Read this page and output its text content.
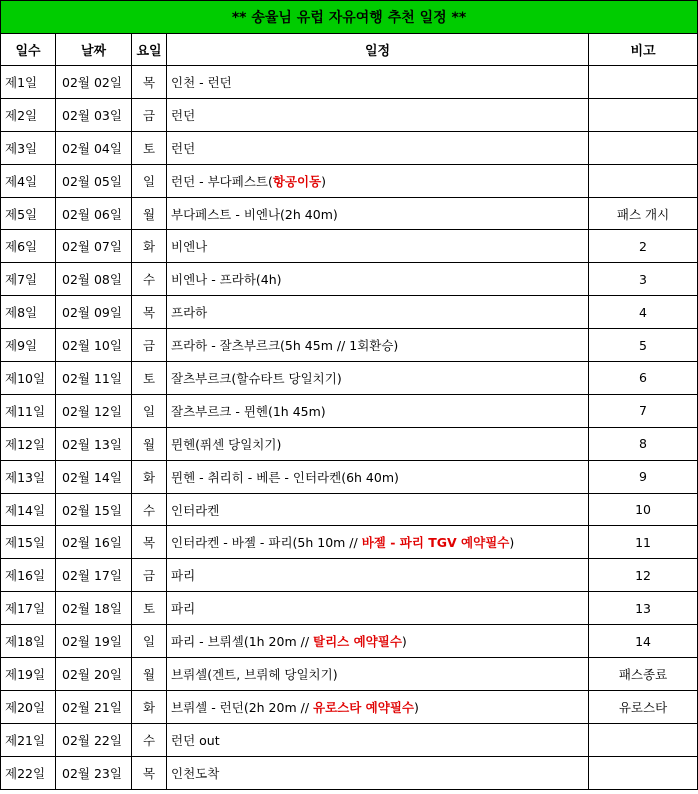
** 송율님 유럽 자유여행 추천 일정 **				
일수	날짜	요일	일정	비고
제1일	02월 02일	목	인천 - 런던	
제2일	02월 03일	금	런던	
제3일	02월 04일	토	런던	
제4일	02월 05일	일	런던 - 부다페스트(항공이동)	
제5일	02월 06일	월	부다페스트 - 비엔나(2h 40m)	패스 개시
제6일	02월 07일	화	비엔나	2
제7일	02월 08일	수	비엔나 - 프라하(4h)	3
제8일	02월 09일	목	프라하	4
제9일	02월 10일	금	프라하 - 잘츠부르크(5h 45m // 1회환승)	5
제10일	02월 11일	토	잘츠부르크(할슈타트 당일치기)	6
제11일	02월 12일	일	잘츠부르크 - 뮌헨(1h 45m)	7
제12일	02월 13일	월	뮌헨(퓌센 당일치기)	8
제13일	02월 14일	화	뮌헨 - 취리히 - 베른 - 인터라켄(6h 40m)	9
제14일	02월 15일	수	인터라켄	10
제15일	02월 16일	목	인터라켄 - 바젤 - 파리(5h 10m // 바젤 - 파리 TGV 예약필수)	11
제16일	02월 17일	금	파리	12
제17일	02월 18일	토	파리	13
제18일	02월 19일	일	파리 - 브뤼셀(1h 20m // 탈리스 예약필수)	14
제19일	02월 20일	월	브뤼셀(겐트, 브뤼헤 당일치기)	패스종료
제20일	02월 21일	화	브뤼셀 - 런던(2h 20m // 유로스타 예약필수)	유로스타
제21일	02월 22일	수	런던 out	
제22일	02월 23일	목	인천도착	
